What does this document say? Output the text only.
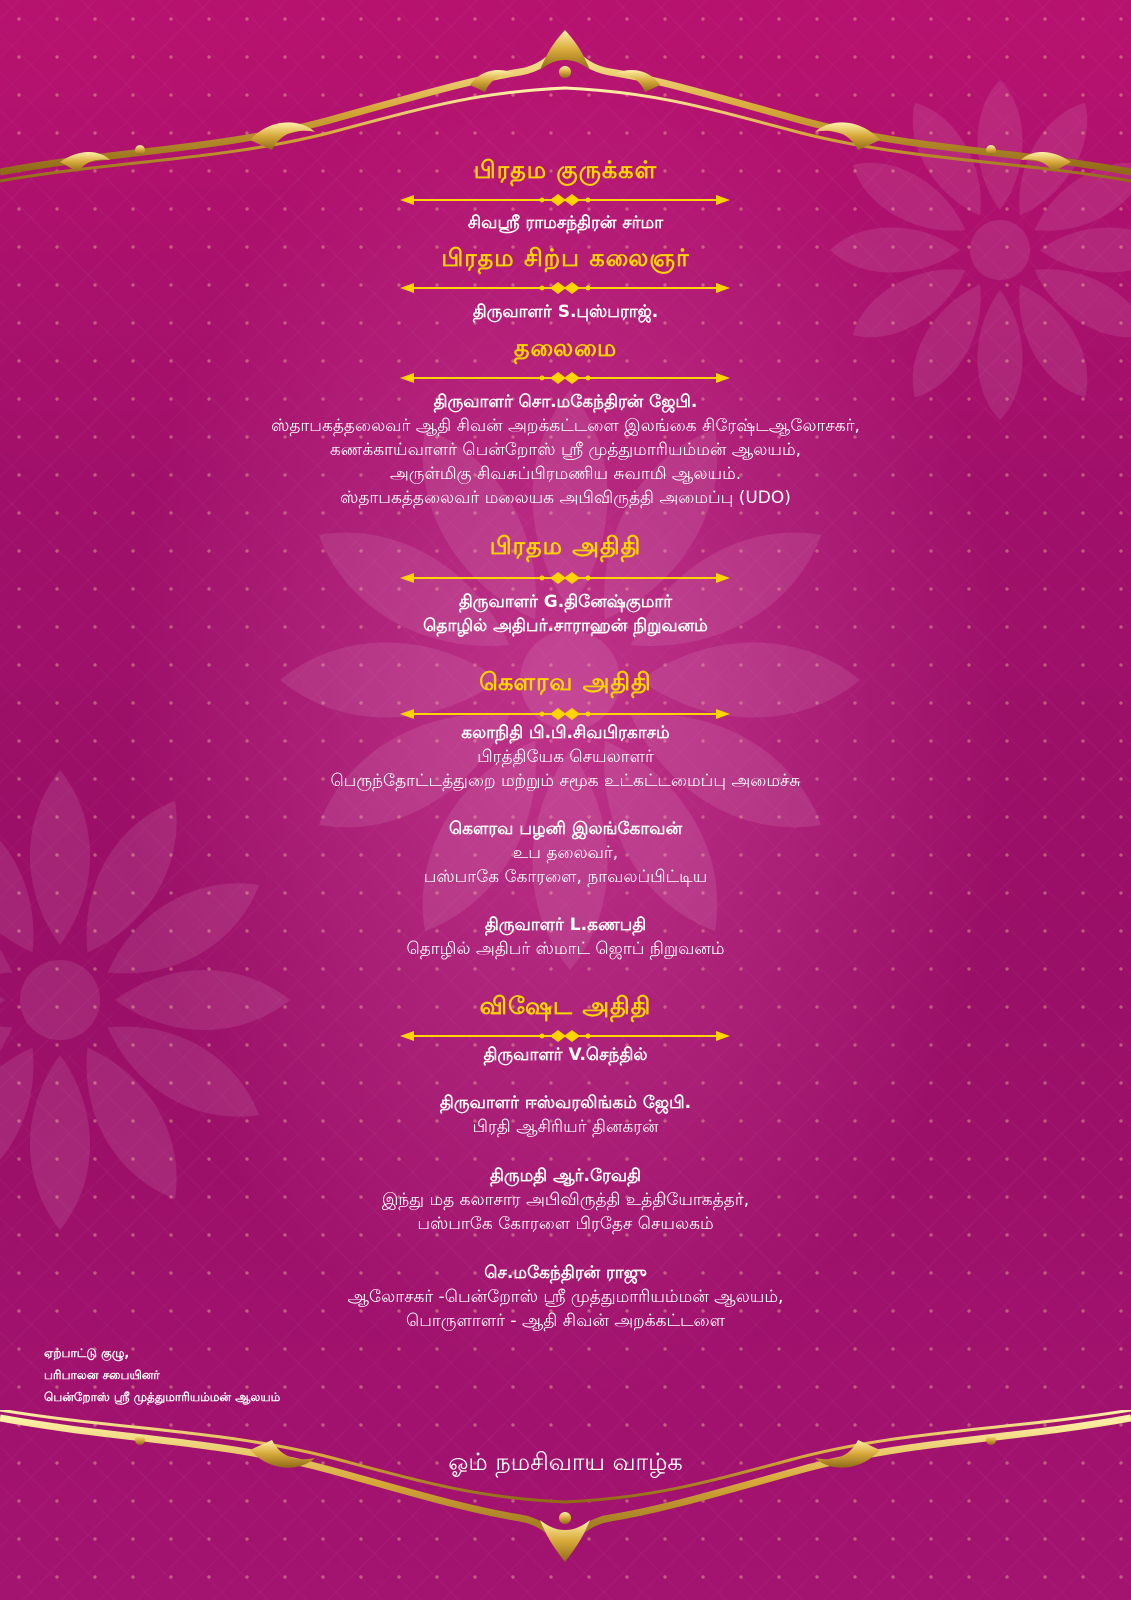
பிரதம குருக்கள்
சிவஸ்ரீ ராமசந்திரன் சர்மா
பிரதம சிற்ப கலைஞர்
திருவாளர் S.புஸ்பராஜ்.
தலைமை
திருவாளர் சொ.மகேந்திரன் ஜேபி.
ஸ்தாபகத்தலைவர் ஆதி சிவன் அறக்கட்டளை இலங்கை சிரேஷ்டஆலோசகர்,
கணக்காய்வாளர் பென்றோஸ் ஸ்ரீ முத்துமாரியம்மன் ஆலயம்,
அருள்மிகு சிவசுப்பிரமணிய சுவாமி ஆலயம்.
ஸ்தாபகத்தலைவர் மலையக அபிவிருத்தி அமைப்பு (UDO)
பிரதம அதிதி
திருவாளர் G.தினேஷ்குமார்
தொழில் அதிபர்.சாராஹன் நிறுவனம்
கௌரவ அதிதி
கலாநிதி பி.பி.சிவபிரகாசம்
பிரத்தியேக செயலாளர்
பெருந்தோட்டத்துறை மற்றும் சமூக உட்கட்டமைப்பு அமைச்சு
கௌரவ பழனி இலங்கோவன்
உப தலைவர்,
பஸ்பாகே கோரளை, நாவலப்பிட்டிய
திருவாளர் L.கணபதி
தொழில் அதிபர் ஸ்மாட் ஜொப் நிறுவனம்
விஷேட அதிதி
திருவாளர் V.செந்தில்
திருவாளர் ஈஸ்வரலிங்கம் ஜேபி.
பிரதி ஆசிரியர் தினகரன்
திருமதி ஆர்.ரேவதி
இந்து மத கலாசார அபிவிருத்தி உத்தியோகத்தர்,
பஸ்பாகே கோரளை பிரதேச செயலகம்
செ.மகேந்திரன் ராஜு
ஆலோசகர் -பென்றோஸ் ஸ்ரீ முத்துமாரியம்மன் ஆலயம்,
பொருளாளர் - ஆதி சிவன் அறக்கட்டளை
ஏற்பாட்டு குழு,
பரிபாலன சபையினர்
பென்றோஸ் ஸ்ரீ முத்துமாரியம்மன் ஆலயம்
ஓம் நமசிவாய வாழ்க
